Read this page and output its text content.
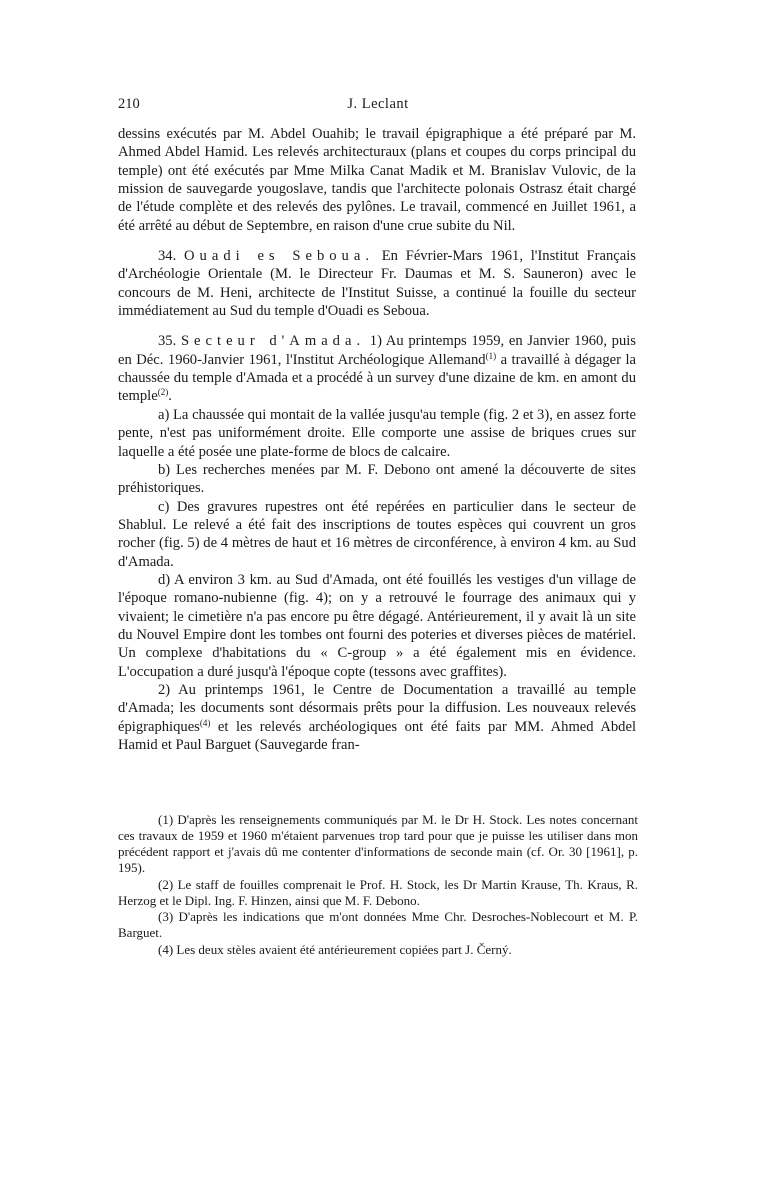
210	J. Leclant

dessins exécutés par M. Abdel Ouahib; le travail épigraphique a été préparé par M. Ahmed Abdel Hamid. Les relevés architecturaux (plans et coupes du corps principal du temple) ont été exécutés par Mme Milka Canat Madik et M. Branislav Vulovic, de la mission de sauvegarde yougoslave, tandis que l'architecte polonais Ostrasz était chargé de l'étude complète et des relevés des pylônes. Le travail, commencé en Juillet 1961, a été arrêté au début de Septembre, en raison d'une crue subite du Nil.

34. Ouadi es Seboua. En Février-Mars 1961, l'Institut Français d'Archéologie Orientale (M. le Directeur Fr. Daumas et M. S. Sauneron) avec le concours de M. Heni, architecte de l'Institut Suisse, a continué la fouille du secteur immédiatement au Sud du temple d'Ouadi es Seboua.

35. Secteur d'Amada. 1) Au printemps 1959, en Janvier 1960, puis en Déc. 1960-Janvier 1961, l'Institut Archéologique Allemand$^{(1)}$ a travaillé à dégager la chaussée du temple d'Amada et a procédé à un survey d'une dizaine de km. en amont du temple$^{(2)}$.

a) La chaussée qui montait de la vallée jusqu'au temple (fig. 2 et 3), en assez forte pente, n'est pas uniformément droite. Elle comporte une assise de briques crues sur laquelle a été posée une plate-forme de blocs de calcaire.

b) Les recherches menées par M. F. Debono ont amené la découverte de sites préhistoriques.

c) Des gravures rupestres ont été repérées en particulier dans le secteur de Shablul. Le relevé a été fait des inscriptions de toutes espèces qui couvrent un gros rocher (fig. 5) de 4 mètres de haut et 16 mètres de circonférence, à environ 4 km. au Sud d'Amada.

d) A environ 3 km. au Sud d'Amada, ont été fouillés les vestiges d'un village de l'époque romano-nubienne (fig. 4); on y a retrouvé le fourrage des animaux qui y vivaient; le cimetière n'a pas encore pu être dégagé. Antérieurement, il y avait là un site du Nouvel Empire dont les tombes ont fourni des poteries et diverses pièces de matériel. Un complexe d'habitations du « C-group » a été également mis en évidence. L'occupation a duré jusqu'à l'époque copte (tessons avec graffites).

2) Au printemps 1961, le Centre de Documentation a travaillé au temple d'Amada; les documents sont désormais prêts pour la diffusion. Les nouveaux relevés épigraphiques$^{(4)}$ et les relevés archéologiques ont été faits par MM. Ahmed Abdel Hamid et Paul Barguet (Sauvegarde fran-

(1) D'après les renseignements communiqués par M. le Dr H. Stock. Les notes concernant ces travaux de 1959 et 1960 m'étaient parvenues trop tard pour que je puisse les utiliser dans mon précédent rapport et j'avais dû me contenter d'informations de seconde main (cf. Or. 30 [1961], p. 195).

(2) Le staff de fouilles comprenait le Prof. H. Stock, les Dr Martin Krause, Th. Kraus, R. Herzog et le Dipl. Ing. F. Hinzen, ainsi que M. F. Debono.

(3) D'après les indications que m'ont données Mme Chr. Desroches-Noblecourt et M. P. Barguet.

(4) Les deux stèles avaient été antérieurement copiées part J. Černý.
